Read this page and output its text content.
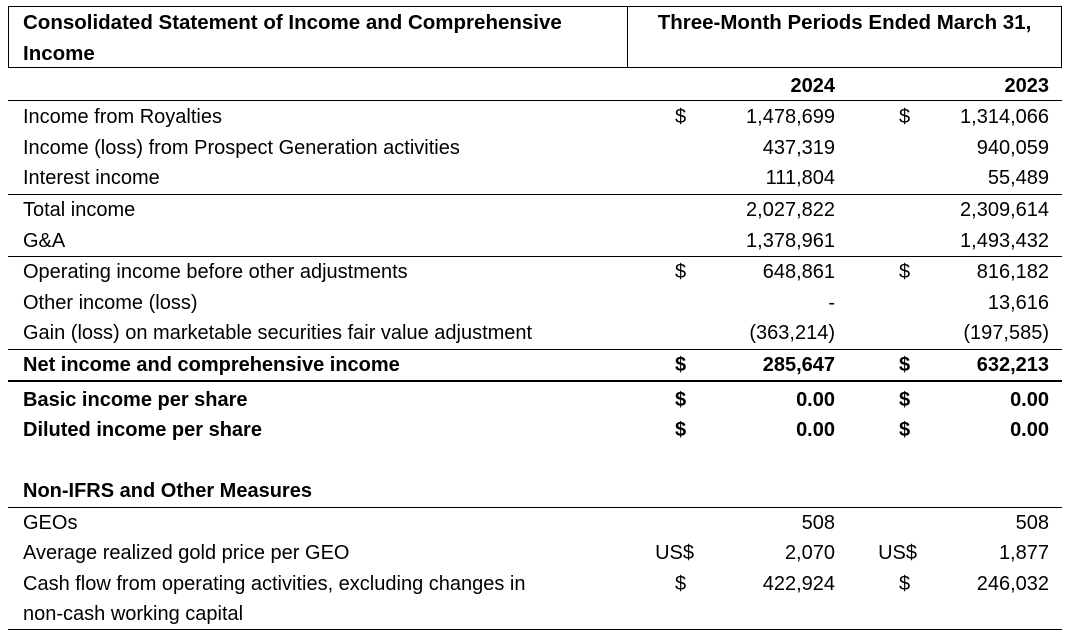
Consolidated Statement of Income and Comprehensive Income
Three-Month Periods Ended March 31,
2024	2023
Income from Royalties	$	1,478,699	$	1,314,066
Income (loss) from Prospect Generation activities	437,319	940,059
Interest income	111,804	55,489
Total income	2,027,822	2,309,614
G&A	1,378,961	1,493,432
Operating income before other adjustments	$	648,861	$	816,182
Other income (loss)	-	13,616
Gain (loss) on marketable securities fair value adjustment	(363,214)	(197,585)
Net income and comprehensive income	$	285,647	$	632,213
Basic income per share	$	0.00	$	0.00
Diluted income per share	$	0.00	$	0.00
Non-IFRS and Other Measures
GEOs	508	508
Average realized gold price per GEO	US$	2,070	US$	1,877
Cash flow from operating activities, excluding changes in	$	422,924	$	246,032
non-cash working capital
